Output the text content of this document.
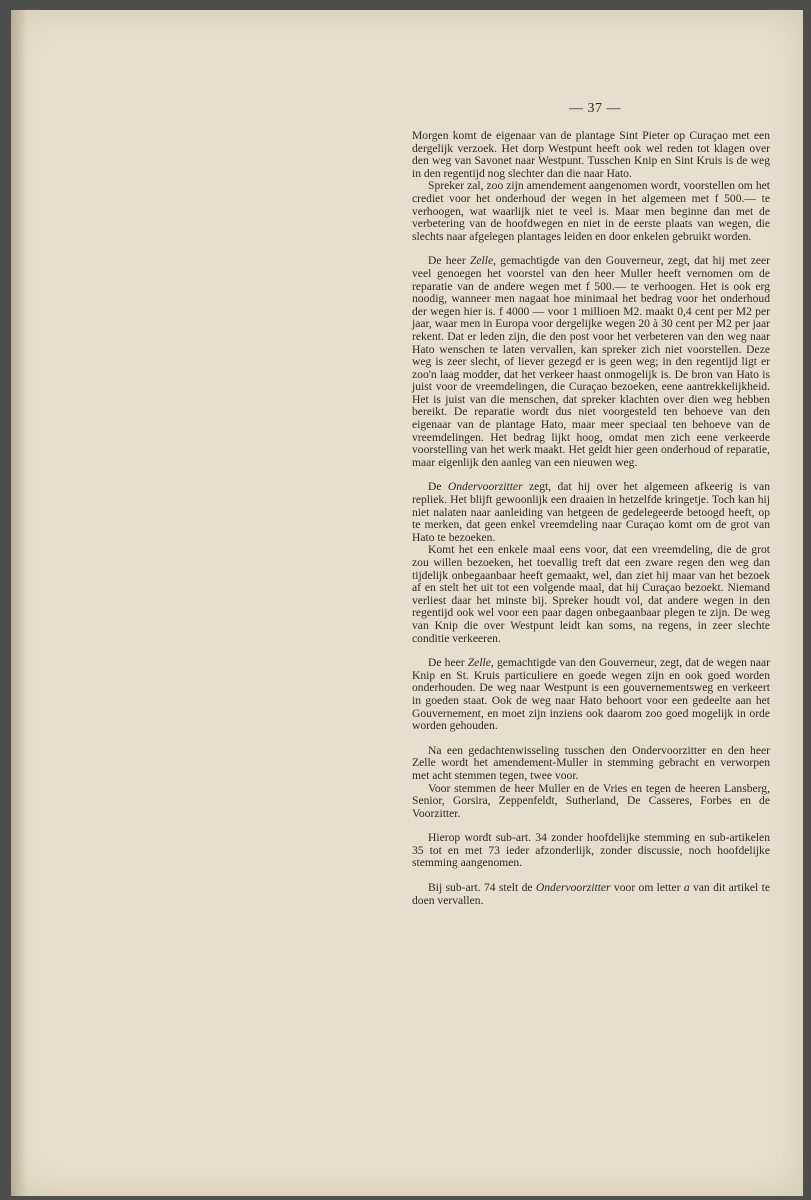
— 37 —

Morgen komt de eigenaar van de plantage Sint Pieter op Curaçao met een dergelijk verzoek. Het dorp Westpunt heeft ook wel reden tot klagen over den weg van Savonet naar Westpunt. Tusschen Knip en Sint Kruis is de weg in den regentijd nog slechter dan die naar Hato.

Spreker zal, zoo zijn amendement aangenomen wordt, voorstellen om het crediet voor het onderhoud der wegen in het algemeen met f 500.— te verhoogen, wat waarlijk niet te veel is. Maar men beginne dan met de verbetering van de hoofdwegen en niet in de eerste plaats van wegen, die slechts naar afgelegen plantages leiden en door enkelen gebruikt worden.

De heer Zelle, gemachtigde van den Gouverneur, zegt, dat hij met zeer veel genoegen het voorstel van den heer Muller heeft vernomen om de reparatie van de andere wegen met f 500.— te verhoogen. Het is ook erg noodig, wanneer men nagaat hoe minimaal het bedrag voor het onderhoud der wegen hier is. f 4000 — voor 1 millioen M2. maakt 0,4 cent per M2 per jaar, waar men in Europa voor dergelijke wegen 20 à 30 cent per M2 per jaar rekent. Dat er leden zijn, die den post voor het verbeteren van den weg naar Hato wenschen te laten vervallen, kan spreker zich niet voorstellen. Deze weg is zeer slecht, of liever gezegd er is geen weg; in den regentijd ligt er zoo'n laag modder, dat het verkeer haast onmogelijk is. De bron van Hato is juist voor de vreemdelingen, die Curaçao bezoeken, eene aantrekkelijkheid. Het is juist van die menschen, dat spreker klachten over dien weg hebben bereikt. De reparatie wordt dus niet voorgesteld ten behoeve van den eigenaar van de plantage Hato, maar meer speciaal ten behoeve van de vreemdelingen. Het bedrag lijkt hoog, omdat men zich eene verkeerde voorstelling van het werk maakt. Het geldt hier geen onderhoud of reparatie, maar eigenlijk den aanleg van een nieuwen weg.

De Ondervoorzitter zegt, dat hij over het algemeen afkeerig is van repliek. Het blijft gewoonlijk een draaien in hetzelfde kringetje. Toch kan hij niet nalaten naar aanleiding van hetgeen de gedelegeerde betoogd heeft, op te merken, dat geen enkel vreemdeling naar Curaçao komt om de grot van Hato te bezoeken.

Komt het een enkele maal eens voor, dat een vreemdeling, die de grot zou willen bezoeken, het toevallig treft dat een zware regen den weg dan tijdelijk onbegaanbaar heeft gemaakt, wel, dan ziet hij maar van het bezoek af en stelt het uit tot een volgende maal, dat hij Curaçao bezoekt. Niemand verliest daar het minste bij. Spreker houdt vol, dat andere wegen in den regentijd ook wel voor een paar dagen onbegaanbaar plegen te zijn. De weg van Knip die over Westpunt leidt kan soms, na regens, in zeer slechte conditie verkeeren.

De heer Zelle, gemachtigde van den Gouverneur, zegt, dat de wegen naar Knip en St. Kruis particuliere en goede wegen zijn en ook goed worden onderhouden. De weg naar Westpunt is een gouvernementsweg en verkeert in goeden staat. Ook de weg naar Hato behoort voor een gedeelte aan het Gouvernement, en moet zijn inziens ook daarom zoo goed mogelijk in orde worden gehouden.

Na een gedachtenwisseling tusschen den Ondervoorzitter en den heer Zelle wordt het amendement-Muller in stemming gebracht en verworpen met acht stemmen tegen, twee voor.

Voor stemmen de heer Muller en de Vries en tegen de heeren Lansberg, Senior, Gorsira, Zeppenfeldt, Sutherland, De Casseres, Forbes en de Voorzitter.

Hierop wordt sub-art. 34 zonder hoofdelijke stemming en sub-artikelen 35 tot en met 73 ieder afzonderlijk, zonder discussie, noch hoofdelijke stemming aangenomen.

Bij sub-art. 74 stelt de Ondervoorzitter voor om letter a van dit artikel te doen vervallen.
